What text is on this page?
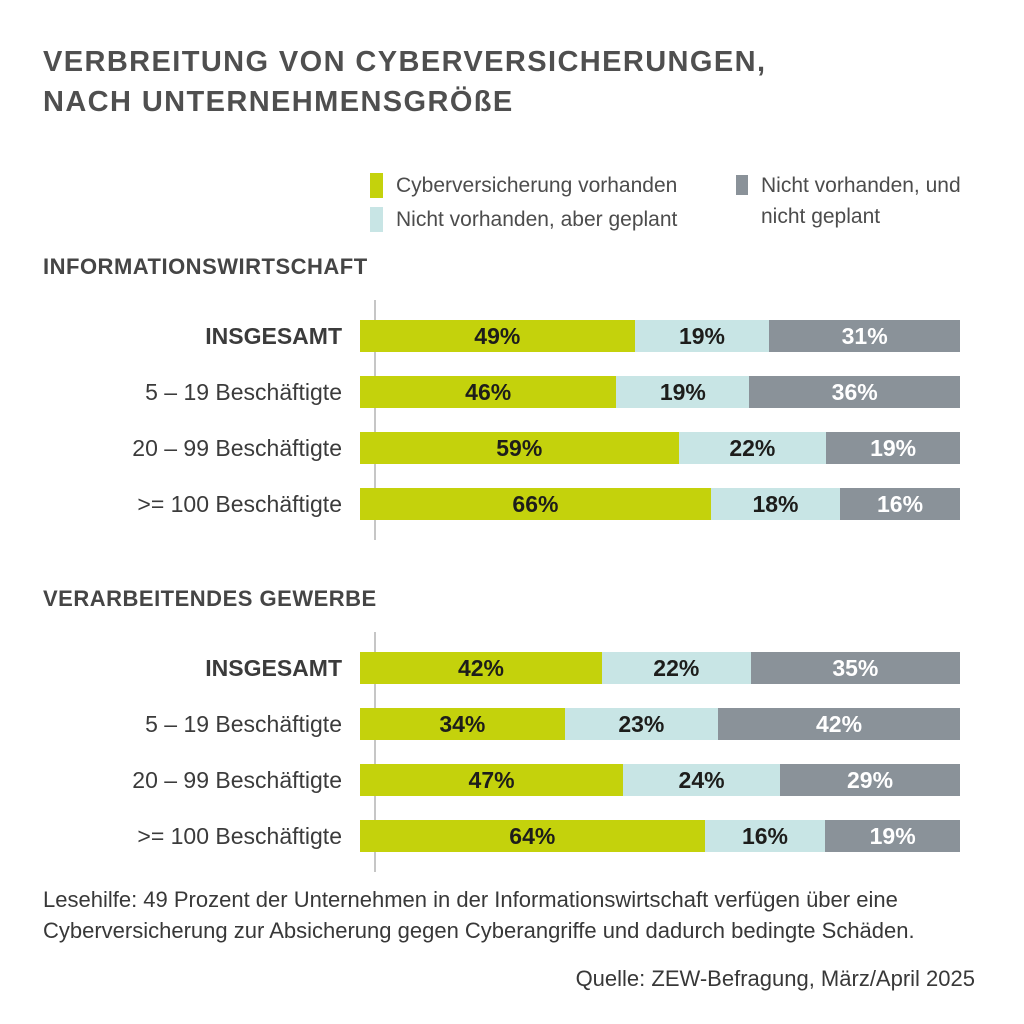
VERBREITUNG VON CYBERVERSICHERUNGEN,
NACH UNTERNEHMENSGRÖßE
Cyberversicherung vorhanden
Nicht vorhanden, aber geplant
Nicht vorhanden, und nicht geplant
INFORMATIONSWIRTSCHAFT
INSGESAMT	49%	19%	31%
5 – 19 Beschäftigte	46%	19%	36%
20 – 99 Beschäftigte	59%	22%	19%
>= 100 Beschäftigte	66%	18%	16%
VERARBEITENDES GEWERBE
INSGESAMT	42%	22%	35%
5 – 19 Beschäftigte	34%	23%	42%
20 – 99 Beschäftigte	47%	24%	29%
>= 100 Beschäftigte	64%	16%	19%
Lesehilfe: 49 Prozent der Unternehmen in der Informationswirtschaft verfügen über eine Cyberversicherung zur Absicherung gegen Cyberangriffe und dadurch bedingte Schäden.
Quelle: ZEW-Befragung, März/April 2025
